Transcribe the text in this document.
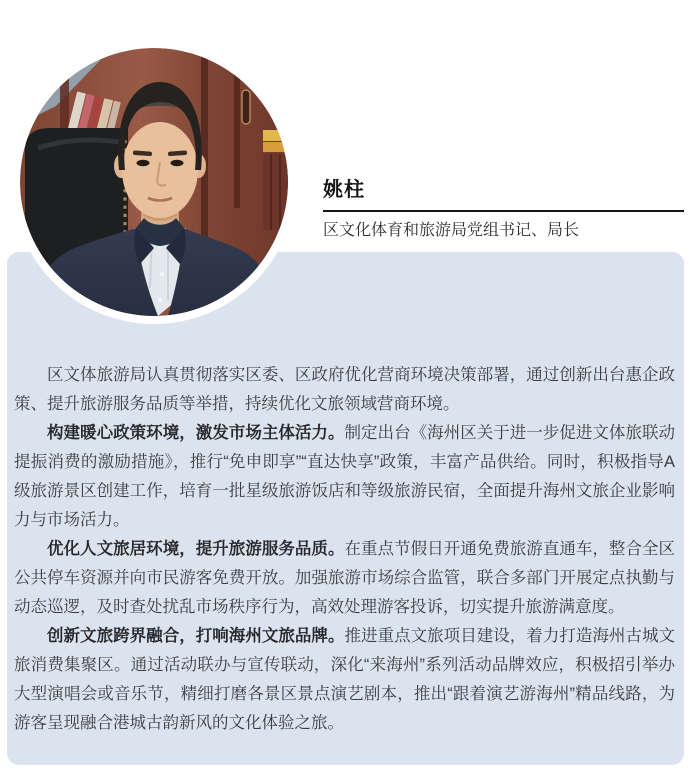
姚柱
区文化体育和旅游局党组书记、局长

区文体旅游局认真贯彻落实区委、区政府优化营商环境决策部署，通过创新出台惠企政策、提升旅游服务品质等举措，持续优化文旅领域营商环境。

构建暖心政策环境，激发市场主体活力。制定出台《海州区关于进一步促进文体旅联动提振消费的激励措施》，推行“免申即享”“直达快享”政策，丰富产品供给。同时，积极指导A级旅游景区创建工作，培育一批星级旅游饭店和等级旅游民宿，全面提升海州文旅企业影响力与市场活力。

优化人文旅居环境，提升旅游服务品质。在重点节假日开通免费旅游直通车，整合全区公共停车资源并向市民游客免费开放。加强旅游市场综合监管，联合多部门开展定点执勤与动态巡逻，及时查处扰乱市场秩序行为，高效处理游客投诉，切实提升旅游满意度。

创新文旅跨界融合，打响海州文旅品牌。推进重点文旅项目建设，着力打造海州古城文旅消费集聚区。通过活动联办与宣传联动，深化“来海州”系列活动品牌效应，积极招引举办大型演唱会或音乐节，精细打磨各景区景点演艺剧本，推出“跟着演艺游海州”精品线路，为游客呈现融合港城古韵新风的文化体验之旅。
